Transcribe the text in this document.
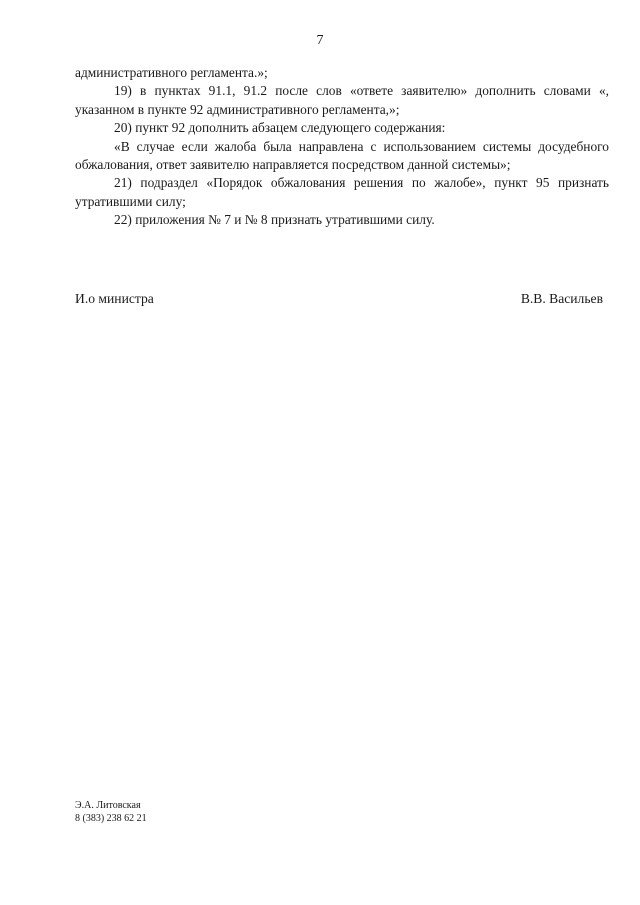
7

административного регламента.»;

19) в пунктах 91.1, 91.2 после слов «ответе заявителю» дополнить словами «, указанном в пункте 92 административного регламента,»;

20) пункт 92 дополнить абзацем следующего содержания:

«В случае если жалоба была направлена с использованием системы досудебного обжалования, ответ заявителю направляется посредством данной системы»;

21) подраздел «Порядок обжалования решения по жалобе», пункт 95 признать утратившими силу;

22) приложения № 7 и № 8 признать утратившими силу.

И.о министра	В.В. Васильев
Э.А. Литовская
8 (383) 238 62 21
